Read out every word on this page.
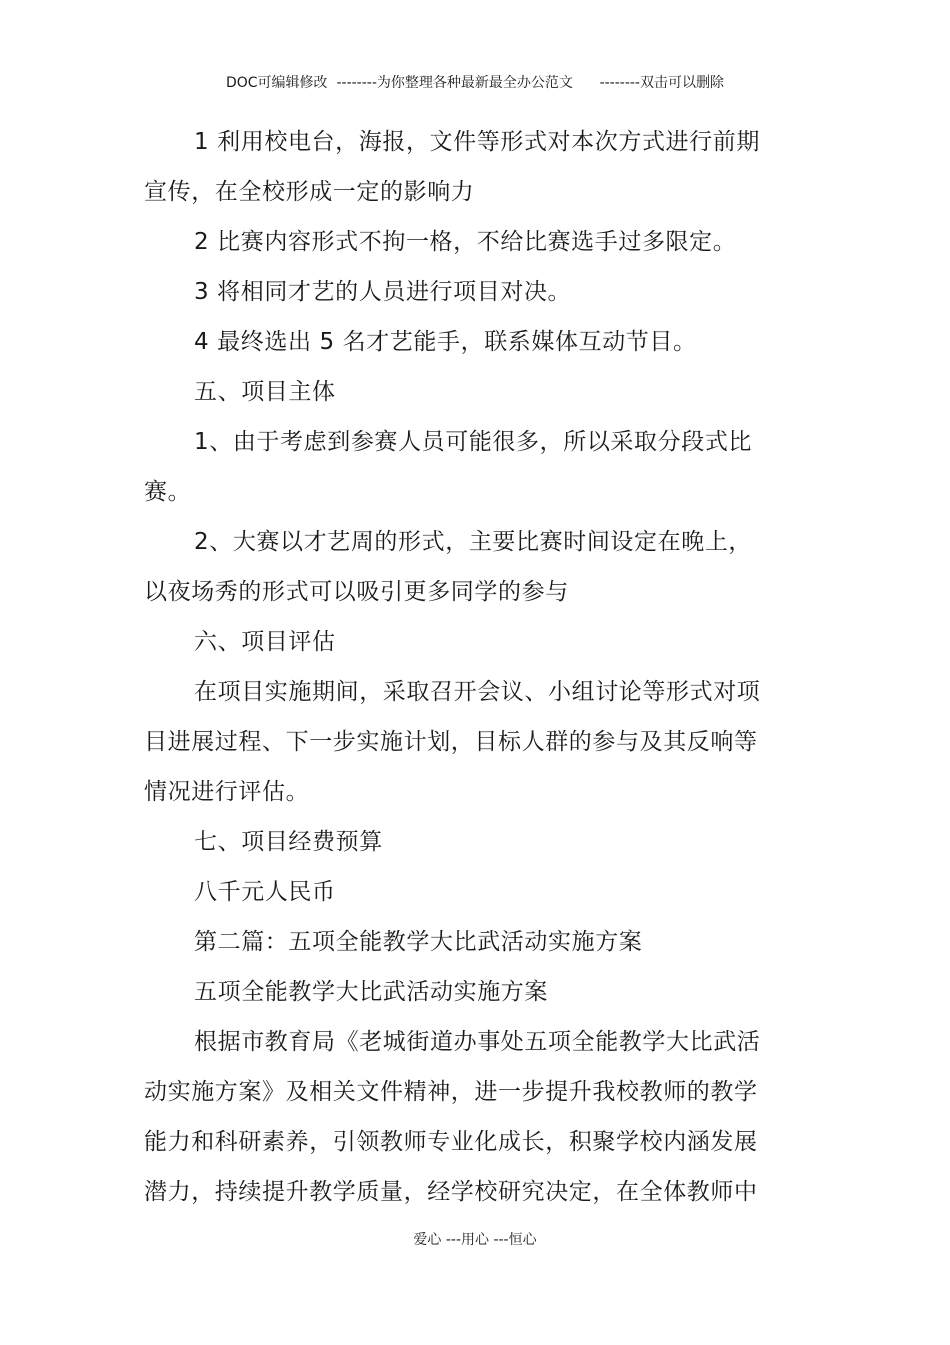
DOC可编辑修改  --------为你整理各种最新最全办公范文      --------双击可以删除
1 利用校电台，海报，文件等形式对本次方式进行前期
宣传，在全校形成一定的影响力
2 比赛内容形式不拘一格，不给比赛选手过多限定。
3 将相同才艺的人员进行项目对决。
4 最终选出 5 名才艺能手，联系媒体互动节目。
五、项目主体
1、由于考虑到参赛人员可能很多，所以采取分段式比
赛。
2、大赛以才艺周的形式，主要比赛时间设定在晚上，
以夜场秀的形式可以吸引更多同学的参与
六、项目评估
在项目实施期间，采取召开会议、小组讨论等形式对项
目进展过程、下一步实施计划，目标人群的参与及其反响等
情况进行评估。
七、项目经费预算
八千元人民币
第二篇：五项全能教学大比武活动实施方案
五项全能教学大比武活动实施方案
根据市教育局《老城街道办事处五项全能教学大比武活
动实施方案》及相关文件精神，进一步提升我校教师的教学
能力和科研素养，引领教师专业化成长，积聚学校内涵发展
潜力，持续提升教学质量，经学校研究决定，在全体教师中
爱心 ---用心 ---恒心
